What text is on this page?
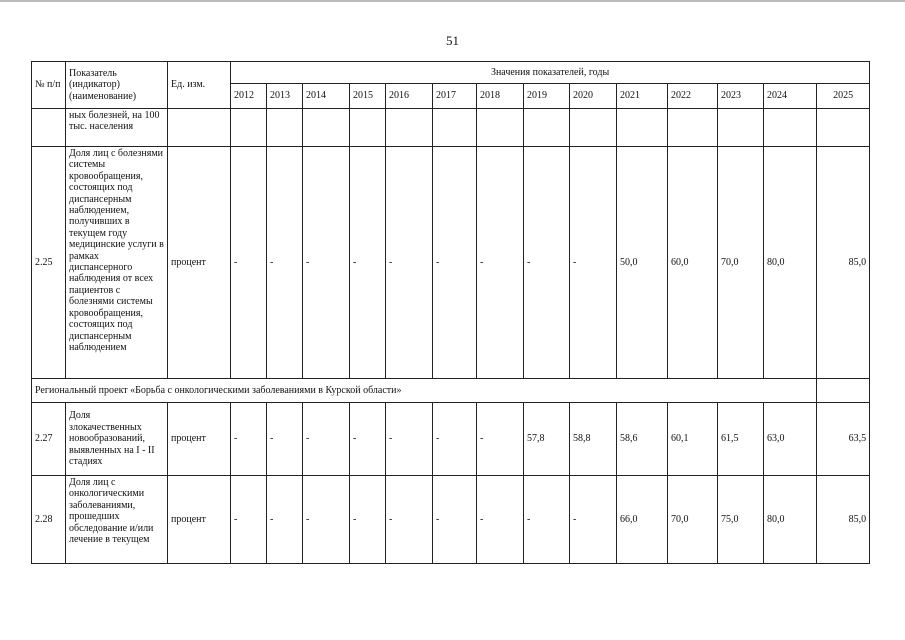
51
№ п/п	Показатель (индикатор) (наименование)	Ед. изм.	Значения показателей, годы													
			2012	2013	2014	2015	2016	2017	2018	2019	2020	2021	2022	2023	2024	2025
	ных болезней, на 100 тыс. населения															
2.25	Доля лиц с болезнями системы кровообращения, состоящих под диспансерным наблюдением, получивших в текущем году медицинские услуги в рамках диспансерного наблюдения от всех пациентов с болезнями системы кровообращения, состоящих под диспансерным наблюдением	процент	-	-	-	-	-	-	-	-	-	50,0	60,0	70,0	80,0	85,0
Региональный проект «Борьба с онкологическими заболеваниями в Курской области»																
2.27	Доля злокачественных новообразований, выявленных на I - II стадиях	процент	-	-	-	-	-	-	-	57,8	58,8	58,6	60,1	61,5	63,0	63,5
2.28	Доля лиц с онкологическими заболеваниями, прошедших обследование и/или лечение в текущем	процент	-	-	-	-	-	-	-	-	-	66,0	70,0	75,0	80,0	85,0
